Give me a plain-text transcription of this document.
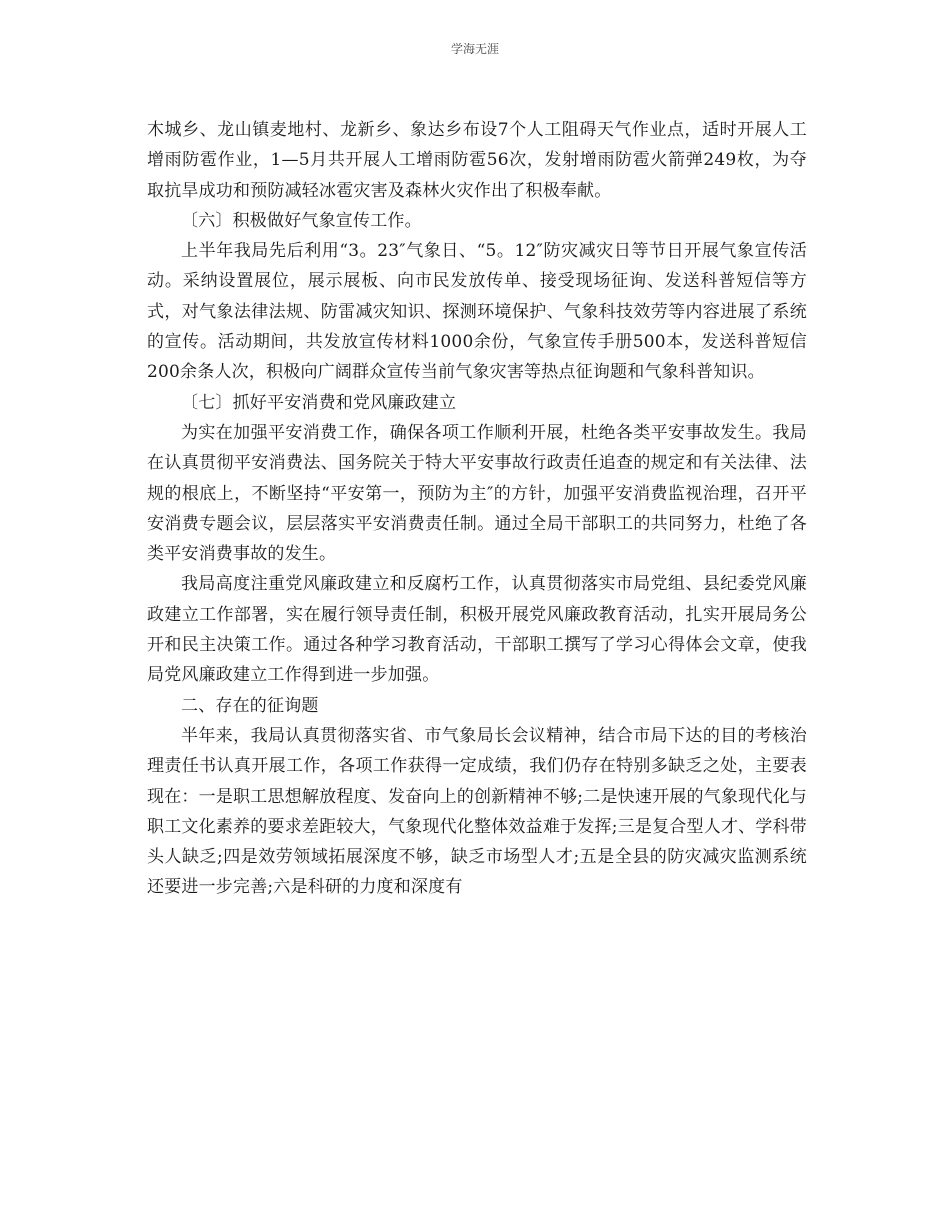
学海无涯

木城乡、龙山镇麦地村、龙新乡、象达乡布设7个人工阻碍天气作业点，适时开展人工增雨防雹作业，1—5月共开展人工增雨防雹56次，发射增雨防雹火箭弹249枚，为夺取抗旱成功和预防减轻冰雹灾害及森林火灾作出了积极奉献。

〔六〕积极做好气象宣传工作。

上半年我局先后利用“3。23″气象日、“5。12″防灾减灾日等节日开展气象宣传活动。采纳设置展位，展示展板、向市民发放传单、接受现场征询、发送科普短信等方式，对气象法律法规、防雷减灾知识、探测环境保护、气象科技效劳等内容进展了系统的宣传。活动期间，共发放宣传材料1000余份，气象宣传手册500本，发送科普短信200余条人次，积极向广阔群众宣传当前气象灾害等热点征询题和气象科普知识。

〔七〕抓好平安消费和党风廉政建立

为实在加强平安消费工作，确保各项工作顺利开展，杜绝各类平安事故发生。我局在认真贯彻平安消费法、国务院关于特大平安事故行政责任追查的规定和有关法律、法规的根底上，不断坚持“平安第一，预防为主″的方针，加强平安消费监视治理，召开平安消费专题会议，层层落实平安消费责任制。通过全局干部职工的共同努力，杜绝了各类平安消费事故的发生。

我局高度注重党风廉政建立和反腐朽工作，认真贯彻落实市局党组、县纪委党风廉政建立工作部署，实在履行领导责任制，积极开展党风廉政教育活动，扎实开展局务公开和民主决策工作。通过各种学习教育活动，干部职工撰写了学习心得体会文章，使我局党风廉政建立工作得到进一步加强。

二、存在的征询题

半年来，我局认真贯彻落实省、市气象局长会议精神，结合市局下达的目的考核治理责任书认真开展工作，各项工作获得一定成绩，我们仍存在特别多缺乏之处，主要表现在：一是职工思想解放程度、发奋向上的创新精神不够;二是快速开展的气象现代化与职工文化素养的要求差距较大，气象现代化整体效益难于发挥;三是复合型人才、学科带头人缺乏;四是效劳领域拓展深度不够，缺乏市场型人才;五是全县的防灾减灾监测系统还要进一步完善;六是科研的力度和深度有
